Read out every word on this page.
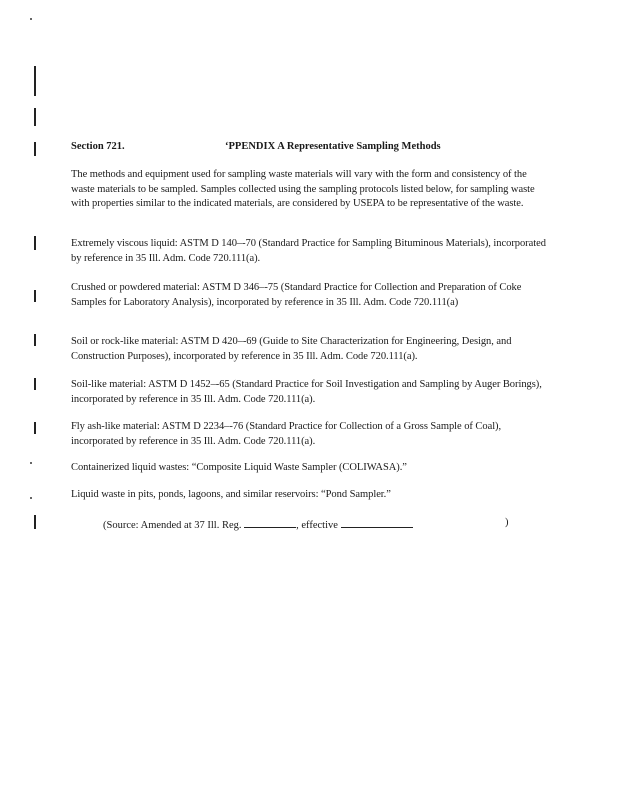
Section 721.	‘PPENDIX A Representative Sampling Methods
The methods and equipment used for sampling waste materials will vary with the form and consistency of the waste materials to be sampled. Samples collected using the sampling protocols listed below, for sampling waste with properties similar to the indicated materials, are considered by USEPA to be representative of the waste.
Extremely viscous liquid: ASTM D 140–-70 (Standard Practice for Sampling Bituminous Materials), incorporated by reference in 35 Ill. Adm. Code 720.111(a).
Crushed or powdered material: ASTM D 346–-75 (Standard Practice for Collection and Preparation of Coke Samples for Laboratory Analysis), incorporated by reference in 35 Ill. Adm. Code 720.111(a)
Soil or rock-like material: ASTM D 420–-69 (Guide to Site Characterization for Engineering, Design, and Construction Purposes), incorporated by reference in 35 Ill. Adm. Code 720.111(a).
Soil-like material: ASTM D 1452–-65 (Standard Practice for Soil Investigation and Sampling by Auger Borings), incorporated by reference in 35 Ill. Adm. Code 720.111(a).
Fly ash-like material: ASTM D 2234–-76 (Standard Practice for Collection of a Gross Sample of Coal), incorporated by reference in 35 Ill. Adm. Code 720.111(a).
Containerized liquid wastes: “Composite Liquid Waste Sampler (COLIWASA).”
Liquid waste in pits, ponds, lagoons, and similar reservoirs: “Pond Sampler.”
(Source: Amended at 37 Ill. Reg.	, effective	)
